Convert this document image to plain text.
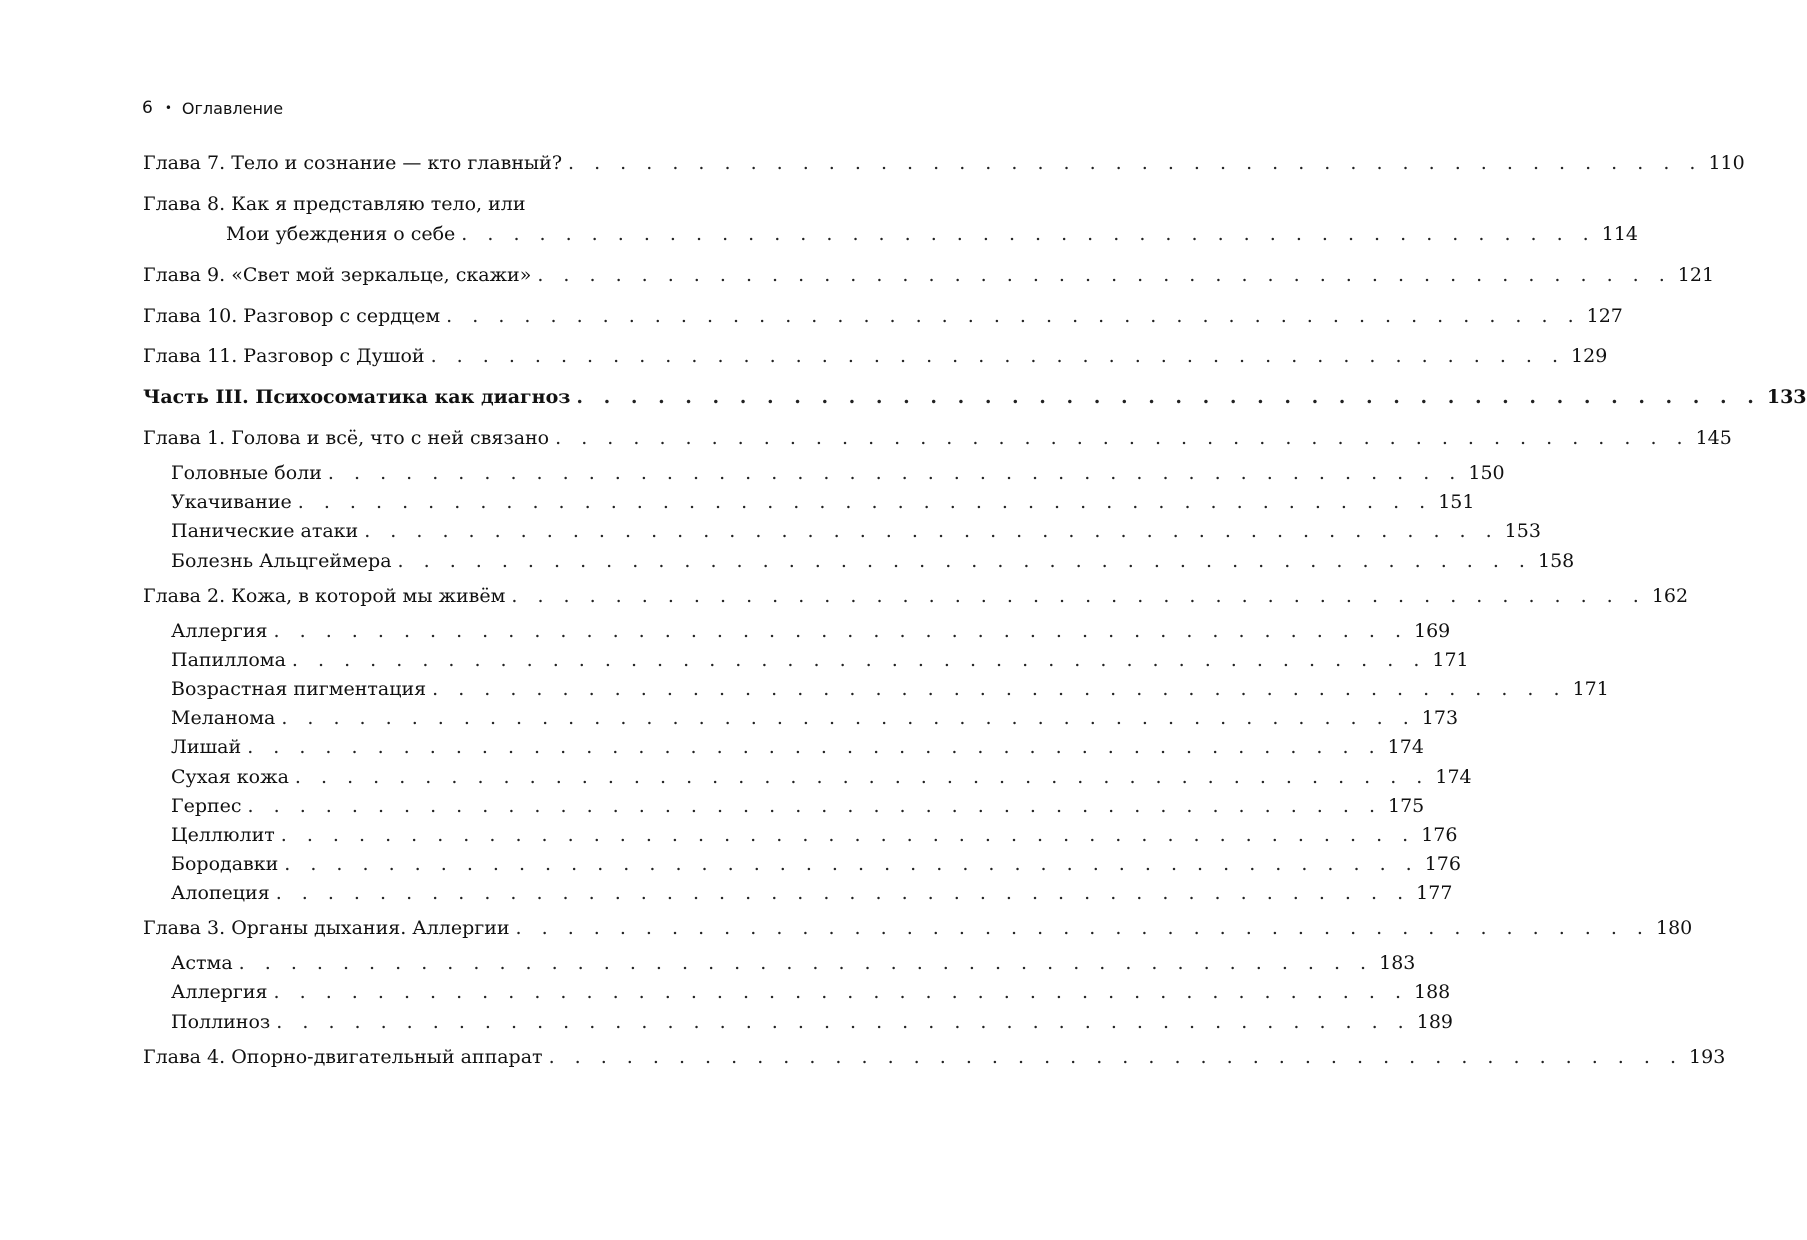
6 • Оглавление
Глава 7. Тело и сознание — кто главный? . . . . . . . . . . . . . . . . . . . . . . . . . . . . . . . . . . . . . . . . . . . . 110
Глава 8. Как я представляю тело, или
Мои убеждения о себе . . . . . . . . . . . . . . . . . . . . . . . . . . . . . . . . . . . . . . . . . . . . 114
Глава 9. «Свет мой зеркальце, скажи» . . . . . . . . . . . . . . . . . . . . . . . . . . . . . . . . . . . . . . . . . . . . 121
Глава 10. Разговор с сердцем . . . . . . . . . . . . . . . . . . . . . . . . . . . . . . . . . . . . . . . . . . . . 127
Глава 11. Разговор с Душой . . . . . . . . . . . . . . . . . . . . . . . . . . . . . . . . . . . . . . . . . . . . 129
Часть III. Психосоматика как диагноз . . . . . . . . . . . . . . . . . . . . . . . . . . . . . . . . . . . . . . . . . . . . 133
Глава 1. Голова и всё, что с ней связано . . . . . . . . . . . . . . . . . . . . . . . . . . . . . . . . . . . . . . . . . . . . 145
Головные боли . . . . . . . . . . . . . . . . . . . . . . . . . . . . . . . . . . . . . . . . . . . . 150
Укачивание . . . . . . . . . . . . . . . . . . . . . . . . . . . . . . . . . . . . . . . . . . . . 151
Панические атаки . . . . . . . . . . . . . . . . . . . . . . . . . . . . . . . . . . . . . . . . . . . . 153
Болезнь Альцгеймера . . . . . . . . . . . . . . . . . . . . . . . . . . . . . . . . . . . . . . . . . . . . 158
Глава 2. Кожа, в которой мы живём . . . . . . . . . . . . . . . . . . . . . . . . . . . . . . . . . . . . . . . . . . . . 162
Аллергия . . . . . . . . . . . . . . . . . . . . . . . . . . . . . . . . . . . . . . . . . . . . 169
Папиллома . . . . . . . . . . . . . . . . . . . . . . . . . . . . . . . . . . . . . . . . . . . . 171
Возрастная пигментация . . . . . . . . . . . . . . . . . . . . . . . . . . . . . . . . . . . . . . . . . . . . 171
Меланома . . . . . . . . . . . . . . . . . . . . . . . . . . . . . . . . . . . . . . . . . . . . 173
Лишай . . . . . . . . . . . . . . . . . . . . . . . . . . . . . . . . . . . . . . . . . . . . 174
Сухая кожа . . . . . . . . . . . . . . . . . . . . . . . . . . . . . . . . . . . . . . . . . . . . 174
Герпес . . . . . . . . . . . . . . . . . . . . . . . . . . . . . . . . . . . . . . . . . . . . 175
Целлюлит . . . . . . . . . . . . . . . . . . . . . . . . . . . . . . . . . . . . . . . . . . . . 176
Бородавки . . . . . . . . . . . . . . . . . . . . . . . . . . . . . . . . . . . . . . . . . . . . 176
Алопеция . . . . . . . . . . . . . . . . . . . . . . . . . . . . . . . . . . . . . . . . . . . . 177
Глава 3. Органы дыхания. Аллергии . . . . . . . . . . . . . . . . . . . . . . . . . . . . . . . . . . . . . . . . . . . . 180
Астма . . . . . . . . . . . . . . . . . . . . . . . . . . . . . . . . . . . . . . . . . . . . 183
Аллергия . . . . . . . . . . . . . . . . . . . . . . . . . . . . . . . . . . . . . . . . . . . . 188
Поллиноз . . . . . . . . . . . . . . . . . . . . . . . . . . . . . . . . . . . . . . . . . . . . 189
Глава 4. Опорно-двигательный аппарат . . . . . . . . . . . . . . . . . . . . . . . . . . . . . . . . . . . . . . . . . . . . 193
